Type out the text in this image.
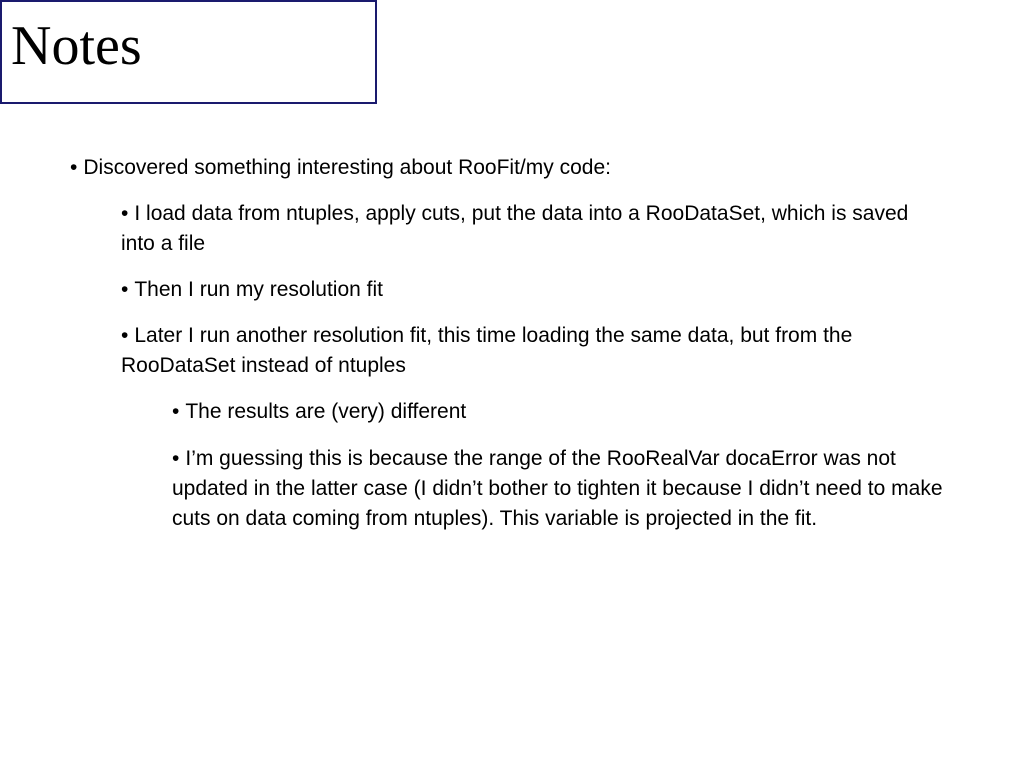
Notes
• Discovered something interesting about RooFit/my code:
• I load data from ntuples, apply cuts, put the data into a RooDataSet, which is saved into a file
• Then I run my resolution fit
• Later I run another resolution fit, this time loading the same data, but from the RooDataSet instead of ntuples
• The results are (very) different
• I’m guessing this is because the range of the RooRealVar docaError was not updated in the latter case (I didn’t bother to tighten it because I didn’t need to make cuts on data coming from ntuples). This variable is projected in the fit.
